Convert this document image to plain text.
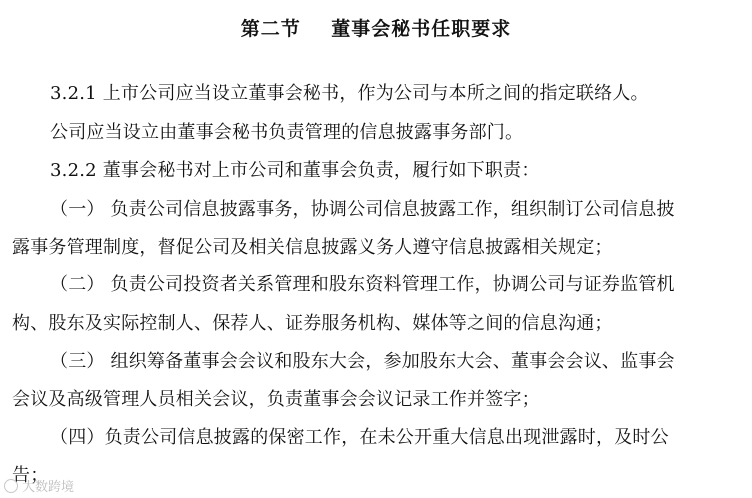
第二节    董事会秘书任职要求
3.2.1 上市公司应当设立董事会秘书，作为公司与本所之间的指定联络人。
公司应当设立由董事会秘书负责管理的信息披露事务部门。
3.2.2 董事会秘书对上市公司和董事会负责，履行如下职责：
（一） 负责公司信息披露事务，协调公司信息披露工作，组织制订公司信息披
露事务管理制度，督促公司及相关信息披露义务人遵守信息披露相关规定；
（二） 负责公司投资者关系管理和股东资料管理工作，协调公司与证券监管机
构、股东及实际控制人、保荐人、证券服务机构、媒体等之间的信息沟通；
（三） 组织筹备董事会会议和股东大会，参加股东大会、董事会会议、监事会
会议及高级管理人员相关会议，负责董事会会议记录工作并签字；
（四）负责公司信息披露的保密工作，在未公开重大信息出现泄露时，及时公
告；
大数跨境
